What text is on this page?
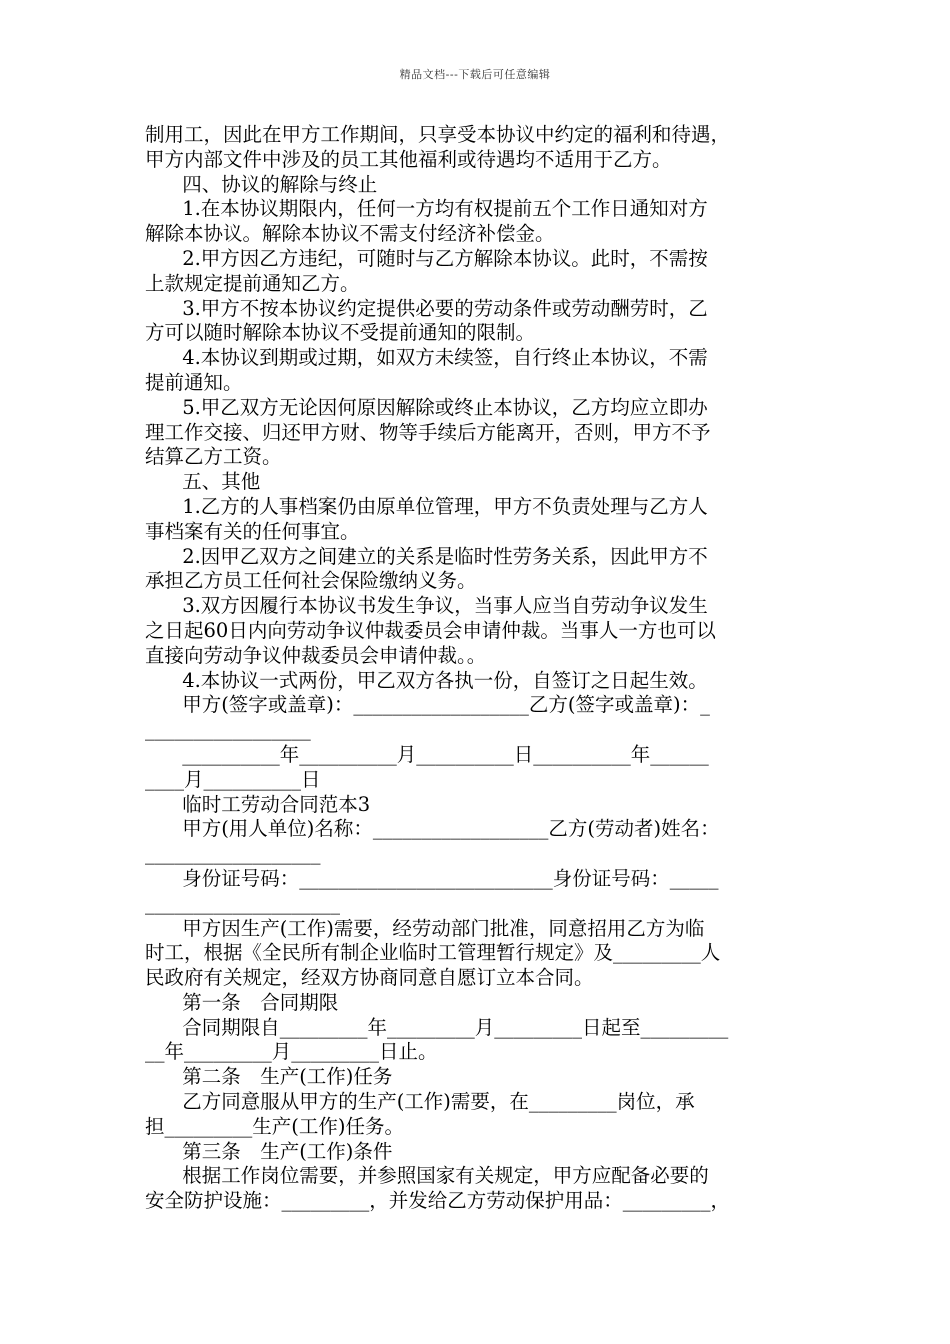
精品文档---下载后可任意编辑
制用工，因此在甲方工作期间，只享受本协议中约定的福利和待遇，
甲方内部文件中涉及的员工其他福利或待遇均不适用于乙方。
四、协议的解除与终止
1.在本协议期限内，任何一方均有权提前五个工作日通知对方
解除本协议。解除本协议不需支付经济补偿金。
2.甲方因乙方违纪，可随时与乙方解除本协议。此时，不需按
上款规定提前通知乙方。
3.甲方不按本协议约定提供必要的劳动条件或劳动酬劳时，乙
方可以随时解除本协议不受提前通知的限制。
4.本协议到期或过期，如双方未续签，自行终止本协议，不需
提前通知。
5.甲乙双方无论因何原因解除或终止本协议，乙方均应立即办
理工作交接、归还甲方财、物等手续后方能离开，否则，甲方不予
结算乙方工资。
五、其他
1.乙方的人事档案仍由原单位管理，甲方不负责处理与乙方人
事档案有关的任何事宜。
2.因甲乙双方之间建立的关系是临时性劳务关系，因此甲方不
承担乙方员工任何社会保险缴纳义务。
3.双方因履行本协议书发生争议，当事人应当自劳动争议发生
之日起60日内向劳动争议仲裁委员会申请仲裁。当事人一方也可以
直接向劳动争议仲裁委员会申请仲裁。。
4.本协议一式两份，甲乙双方各执一份，自签订之日起生效。
甲方(签字或盖章)：__________________乙方(签字或盖章)：_
_________________
__________年__________月__________日__________年______
____月__________日
临时工劳动合同范本3
甲方(用人单位)名称：__________________乙方(劳动者)姓名：
__________________
身份证号码：__________________________身份证号码：_____
____________________
甲方因生产(工作)需要，经劳动部门批准，同意招用乙方为临
时工，根据《全民所有制企业临时工管理暂行规定》及_________人
民政府有关规定，经双方协商同意自愿订立本合同。
第一条　合同期限
合同期限自_________年_________月_________日起至_________
__年_________月_________日止。
第二条　生产(工作)任务
乙方同意服从甲方的生产(工作)需要，在_________岗位，承
担_________生产(工作)任务。
第三条　生产(工作)条件
根据工作岗位需要，并参照国家有关规定，甲方应配备必要的
安全防护设施：_________，并发给乙方劳动保护用品：_________，
